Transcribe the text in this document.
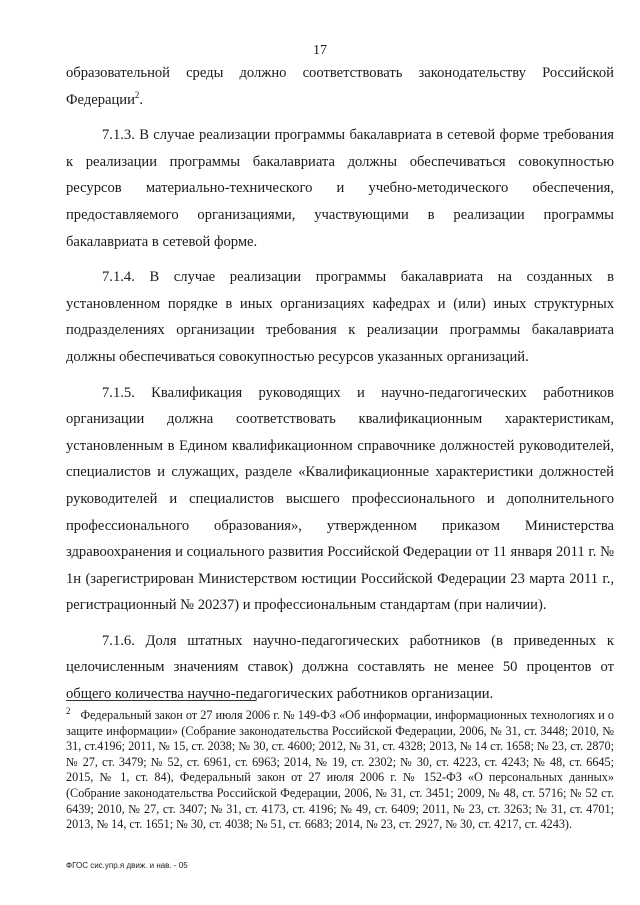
17

образовательной среды должно соответствовать законодательству Российской Федерации$^2$.

7.1.3. В случае реализации программы бакалавриата в сетевой форме требования к реализации программы бакалавриата должны обеспечиваться совокупностью ресурсов материально-технического и учебно-методического обеспечения, предоставляемого организациями, участвующими в реализации программы бакалавриата в сетевой форме.

7.1.4. В случае реализации программы бакалавриата на созданных в установленном порядке в иных организациях кафедрах и (или) иных структурных подразделениях организации требования к реализации программы бакалавриата должны обеспечиваться совокупностью ресурсов указанных организаций.

7.1.5. Квалификация руководящих и научно-педагогических работников организации должна соответствовать квалификационным характеристикам, установленным в Едином квалификационном справочнике должностей руководителей, специалистов и служащих, разделе «Квалификационные характеристики должностей руководителей и специалистов высшего профессионального и дополнительного профессионального образования», утвержденном приказом Министерства здравоохранения и социального развития Российской Федерации от 11 января 2011 г. № 1н (зарегистрирован Министерством юстиции Российской Федерации 23 марта 2011 г., регистрационный № 20237) и профессиональным стандартам (при наличии).

7.1.6. Доля штатных научно-педагогических работников (в приведенных к целочисленным значениям ставок) должна составлять не менее 50 процентов от общего количества научно-педагогических работников организации.

$^2$ Федеральный закон от 27 июля 2006 г. № 149-ФЗ «Об информации, информационных технологиях и о защите информации» (Собрание законодательства Российской Федерации, 2006, № 31, ст. 3448; 2010, № 31, ст.4196; 2011, № 15, ст. 2038; № 30, ст. 4600; 2012, № 31, ст. 4328; 2013, № 14 ст. 1658; № 23, ст. 2870; № 27, ст. 3479; № 52, ст. 6961, ст. 6963; 2014, № 19, ст. 2302; № 30, ст. 4223, ст. 4243; № 48, ст. 6645; 2015, № 1, ст. 84), Федеральный закон от 27 июля 2006 г. № 152-ФЗ «О персональных данных» (Собрание законодательства Российской Федерации, 2006, № 31, ст. 3451; 2009, № 48, ст. 5716; № 52 ст. 6439; 2010, № 27, ст. 3407; № 31, ст. 4173, ст. 4196; № 49, ст. 6409; 2011, № 23, ст. 3263; № 31, ст. 4701; 2013, № 14, ст. 1651; № 30, ст. 4038; № 51, ст. 6683; 2014, № 23, ст. 2927, № 30, ст. 4217, ст. 4243).

ФГОС сис.упр.я движ. и нав. - 05
